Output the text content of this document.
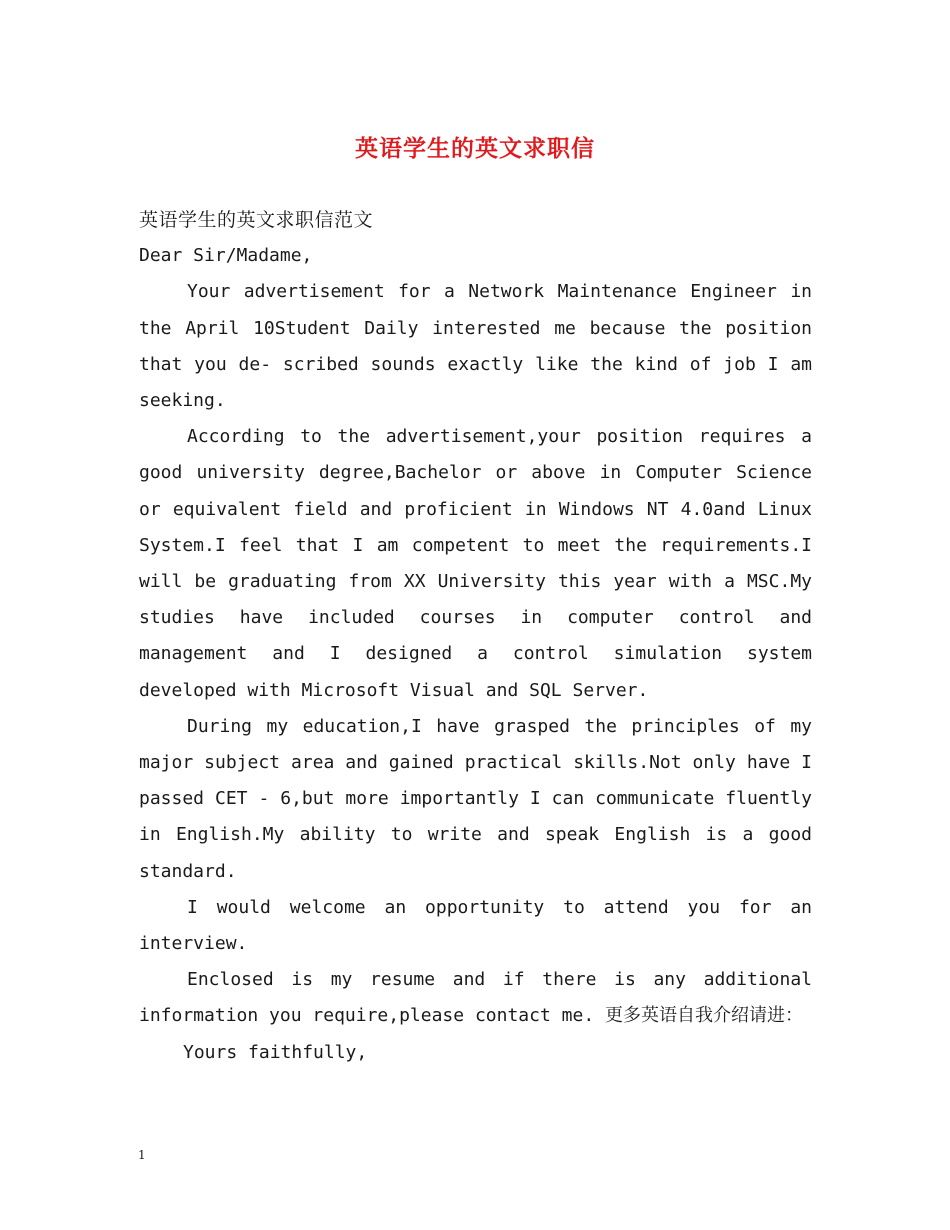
英语学生的英文求职信

英语学生的英文求职信范文

Dear Sir/Madame,

Your advertisement for a Network Maintenance Engineer in the April 10Student Daily interested me because the position that you de- scribed sounds exactly like the kind of job I am seeking.

According to the advertisement,your position requires a good university degree,Bachelor or above in Computer Science or equivalent field and proficient in Windows NT 4.0and Linux System.I feel that I am competent to meet the requirements.I will be graduating from XX University this year with a MSC.My studies have included courses in computer control and management and I designed a control simulation system developed with Microsoft Visual and SQL Server.

During my education,I have grasped the principles of my major subject area and gained practical skills.Not only have I passed CET - 6,but more importantly I can communicate fluently in English.My ability to write and speak English is a good standard.

I would welcome an opportunity to attend you for an interview.

Enclosed is my resume and if there is any additional information you require,please contact me. 更多英语自我介绍请进：

Yours faithfully,

1
